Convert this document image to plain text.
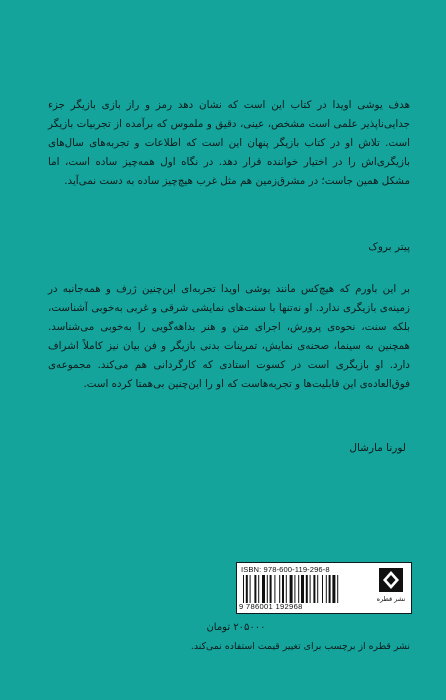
هدف یوشی اویدا در کتاب این است که نشان دهد رمز و راز بازی بازیگر جزء جدایی‌ناپذیر علمی است مشخص، عینی، دقیق و ملموس که برآمده از تجربیات بازیگر است. تلاش او در کتاب بازیگر پنهان این است که اطلاعات و تجربه‌های سال‌های بازیگری‌اش را در اختیار خواننده قرار دهد. در نگاه اول همه‌چیز ساده است، اما مشکل همین جاست؛ در مشرق‌زمین هم مثل غرب هیچ‌چیز ساده به دست نمی‌آید.

پیتر بروک

بر این باورم که هیچ‌کس مانند یوشی اویدا تجربه‌ای این‌چنین ژرف و همه‌جانبه در زمینه‌ی بازیگری ندارد. او نه‌تنها با سنت‌های نمایشی شرقی و غربی به‌خوبی آشناست، بلکه سنت، نحوه‌ی پرورش، اجرای متن و هنر بداهه‌گویی را به‌خوبی می‌شناسد. همچنین به سینما، صحنه‌ی نمایش، تمرینات بدنی بازیگر و فن بیان نیز کاملاً اشراف دارد. او بازیگری است در کسوت استادی که کارگردانی هم می‌کند. مجموعه‌ی فوق‌العاده‌ی این قابلیت‌ها و تجربه‌هاست که او را این‌چنین بی‌همتا کرده است.

لورنا مارشال
ISBN: 978-600-119-296-8
9 786001 192968
نشر قطره
۲۰۵۰۰۰ تومان
نشر قطره از برچسب برای تغییر قیمت استفاده نمی‌کند.
